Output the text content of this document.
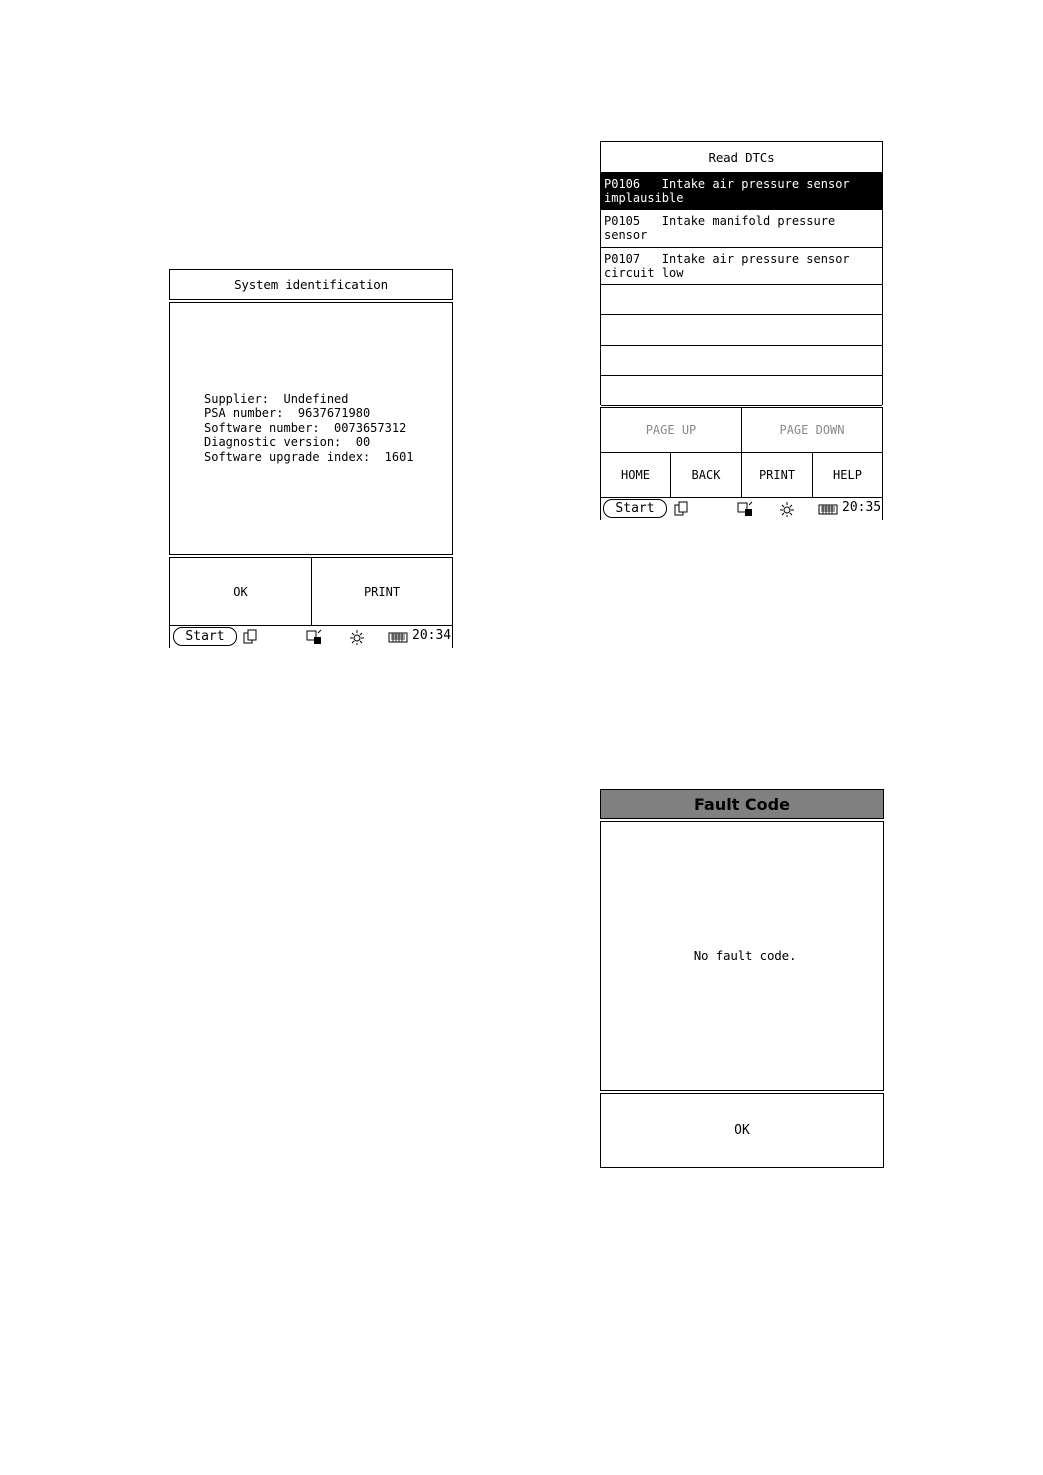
System identification
Supplier:  Undefined
PSA number:  9637671980
Software number:  0073657312
Diagnostic version:  00
Software upgrade index:  1601
OK	PRINT
Start	20:34
Read DTCs
P0106   Intake air pressure sensor
implausible
P0105   Intake manifold pressure
sensor
P0107   Intake air pressure sensor
circuit low
PAGE UP	PAGE DOWN
HOME	BACK	PRINT	HELP
Start	20:35
Fault Code
No fault code.
OK
